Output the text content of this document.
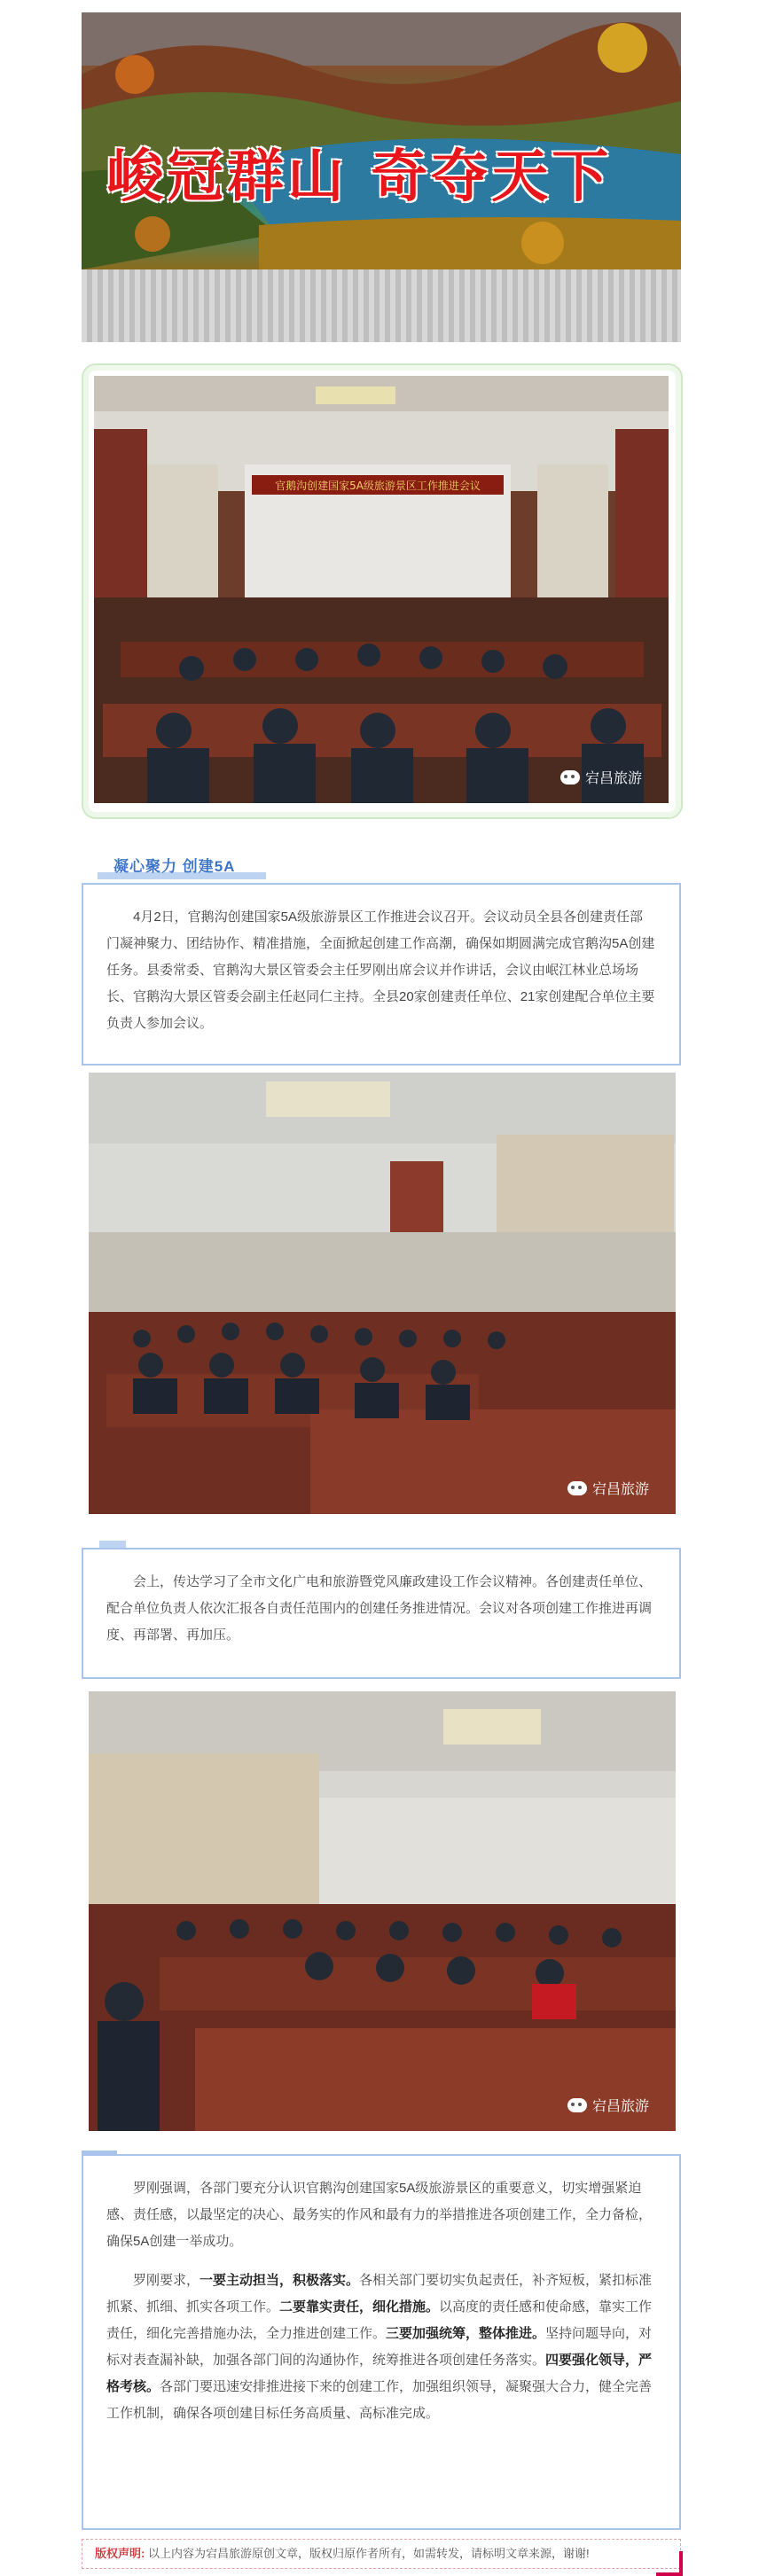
峻冠群山 奇夺天下
官鹅沟创建国家5A级旅游景区工作推进会议
宕昌旅游
凝心聚力 创建5A

4月2日，官鹅沟创建国家5A级旅游景区工作推进会议召开。会议动员全县各创建责任部门凝神聚力、团结协作、精准措施，全面掀起创建工作高潮，确保如期圆满完成官鹅沟5A创建任务。县委常委、官鹅沟大景区管委会主任罗刚出席会议并作讲话，会议由岷江林业总场场长、官鹅沟大景区管委会副主任赵同仁主持。全县20家创建责任单位、21家创建配合单位主要负责人参加会议。

宕昌旅游

会上，传达学习了全市文化广电和旅游暨党风廉政建设工作会议精神。各创建责任单位、配合单位负责人依次汇报各自责任范围内的创建任务推进情况。会议对各项创建工作推进再调度、再部署、再加压。

宕昌旅游

罗刚强调，各部门要充分认识官鹅沟创建国家5A级旅游景区的重要意义，切实增强紧迫感、责任感，以最坚定的决心、最务实的作风和最有力的举措推进各项创建工作，全力备检，确保5A创建一举成功。

罗刚要求，一要主动担当，积极落实。各相关部门要切实负起责任，补齐短板，紧扣标准抓紧、抓细、抓实各项工作。二要靠实责任，细化措施。以高度的责任感和使命感，靠实工作责任，细化完善措施办法，全力推进创建工作。三要加强统筹，整体推进。坚持问题导向，对标对表查漏补缺，加强各部门间的沟通协作，统筹推进各项创建任务落实。四要强化领导，严格考核。各部门要迅速安排推进接下来的创建工作，加强组织领导，凝聚强大合力，健全完善工作机制，确保各项创建目标任务高质量、高标准完成。

版权声明: 以上内容为宕昌旅游原创文章，版权归原作者所有，如需转发，请标明文章来源，谢谢!
